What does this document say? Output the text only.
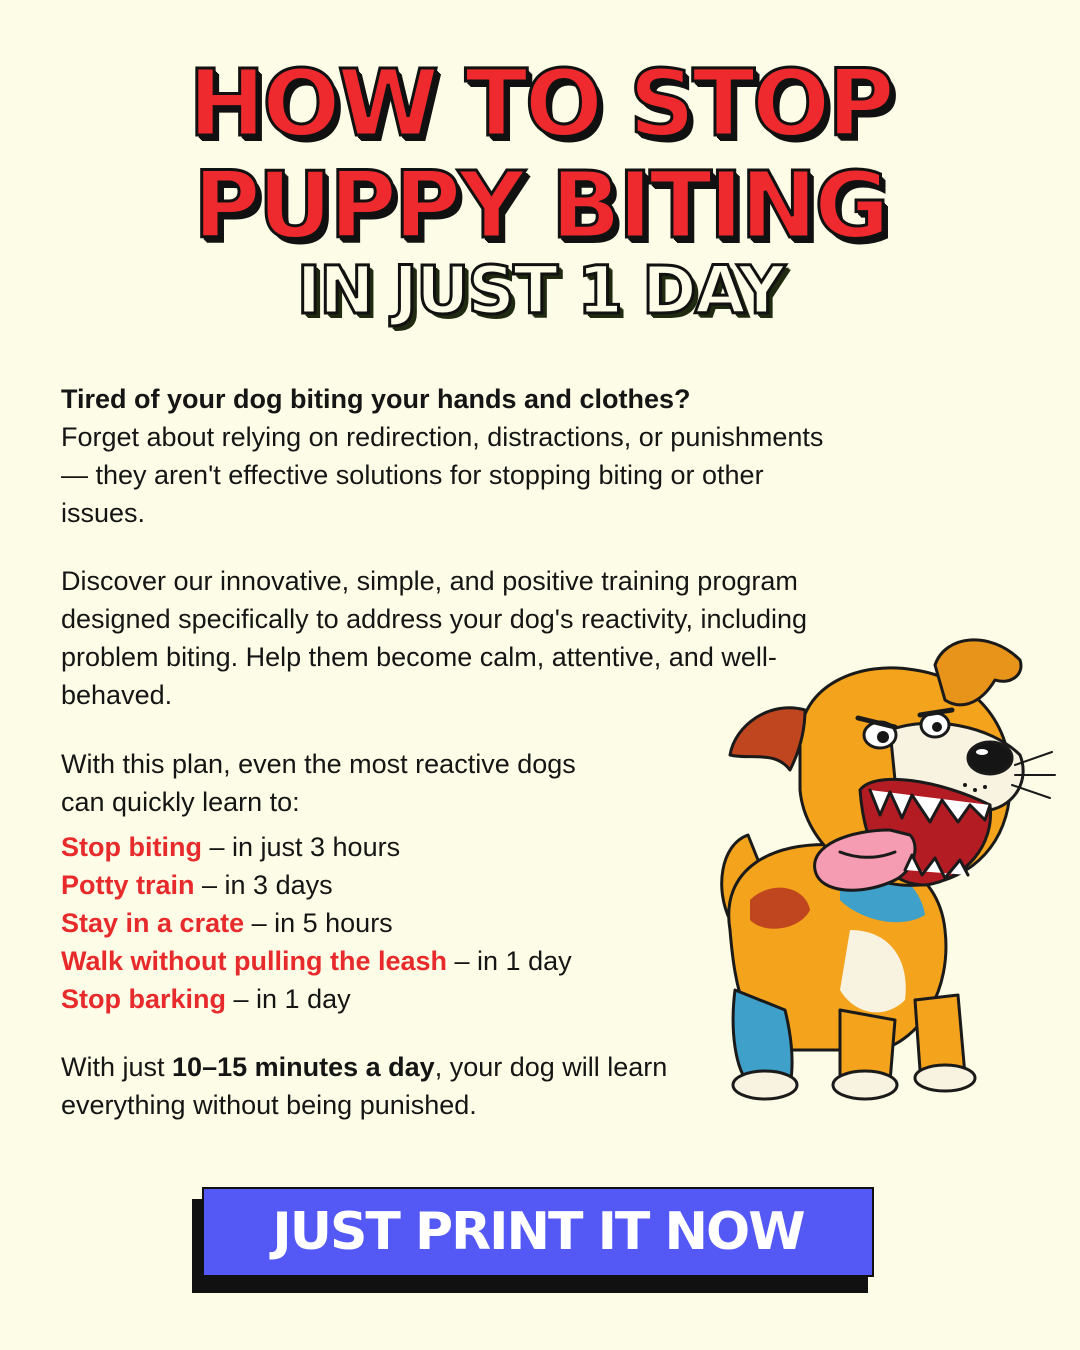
HOW TO STOP
PUPPY BITING
IN JUST 1 DAY

Tired of your dog biting your hands and clothes?
Forget about relying on redirection, distractions, or punishments — they aren't effective solutions for stopping biting or other issues.

Discover our innovative, simple, and positive training program designed specifically to address your dog's reactivity, including problem biting. Help them become calm, attentive, and well-behaved.

With this plan, even the most reactive dogs can quickly learn to:

Stop biting – in just 3 hours
Potty train – in 3 days
Stay in a crate – in 5 hours
Walk without pulling the leash – in 1 day
Stop barking – in 1 day

With just 10–15 minutes a day, your dog will learn everything without being punished.

JUST PRINT IT NOW
